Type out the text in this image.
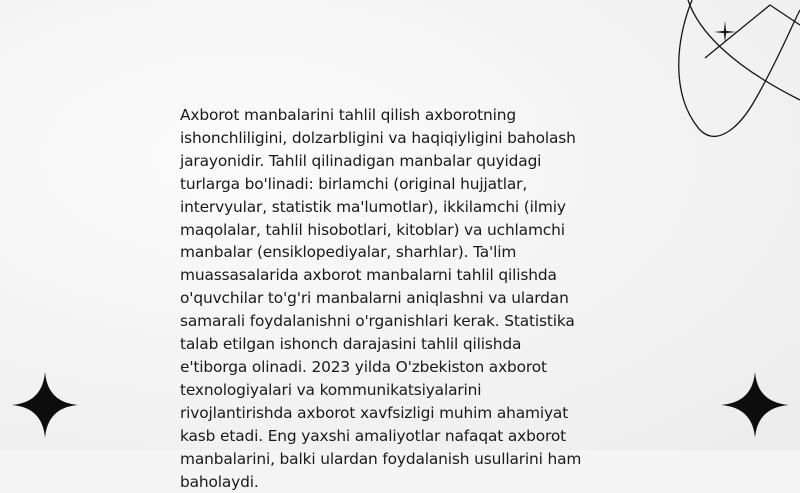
Axborot manbalarini tahlil qilish axborotning
ishonchliligini, dolzarbligini va haqiqiyligini baholash
jarayonidir. Tahlil qilinadigan manbalar quyidagi
turlarga bo'linadi: birlamchi (original hujjatlar,
intervyular, statistik ma'lumotlar), ikkilamchi (ilmiy
maqolalar, tahlil hisobotlari, kitoblar) va uchlamchi
manbalar (ensiklopediyalar, sharhlar). Ta'lim
muassasalarida axborot manbalarni tahlil qilishda
o'quvchilar to'g'ri manbalarni aniqlashni va ulardan
samarali foydalanishni o'rganishlari kerak. Statistika
talab etilgan ishonch darajasini tahlil qilishda
e'tiborga olinadi. 2023 yilda O'zbekiston axborot
texnologiyalari va kommunikatsiyalarini
rivojlantirishda axborot xavfsizligi muhim ahamiyat
kasb etadi. Eng yaxshi amaliyotlar nafaqat axborot
manbalarini, balki ulardan foydalanish usullarini ham
baholaydi.
